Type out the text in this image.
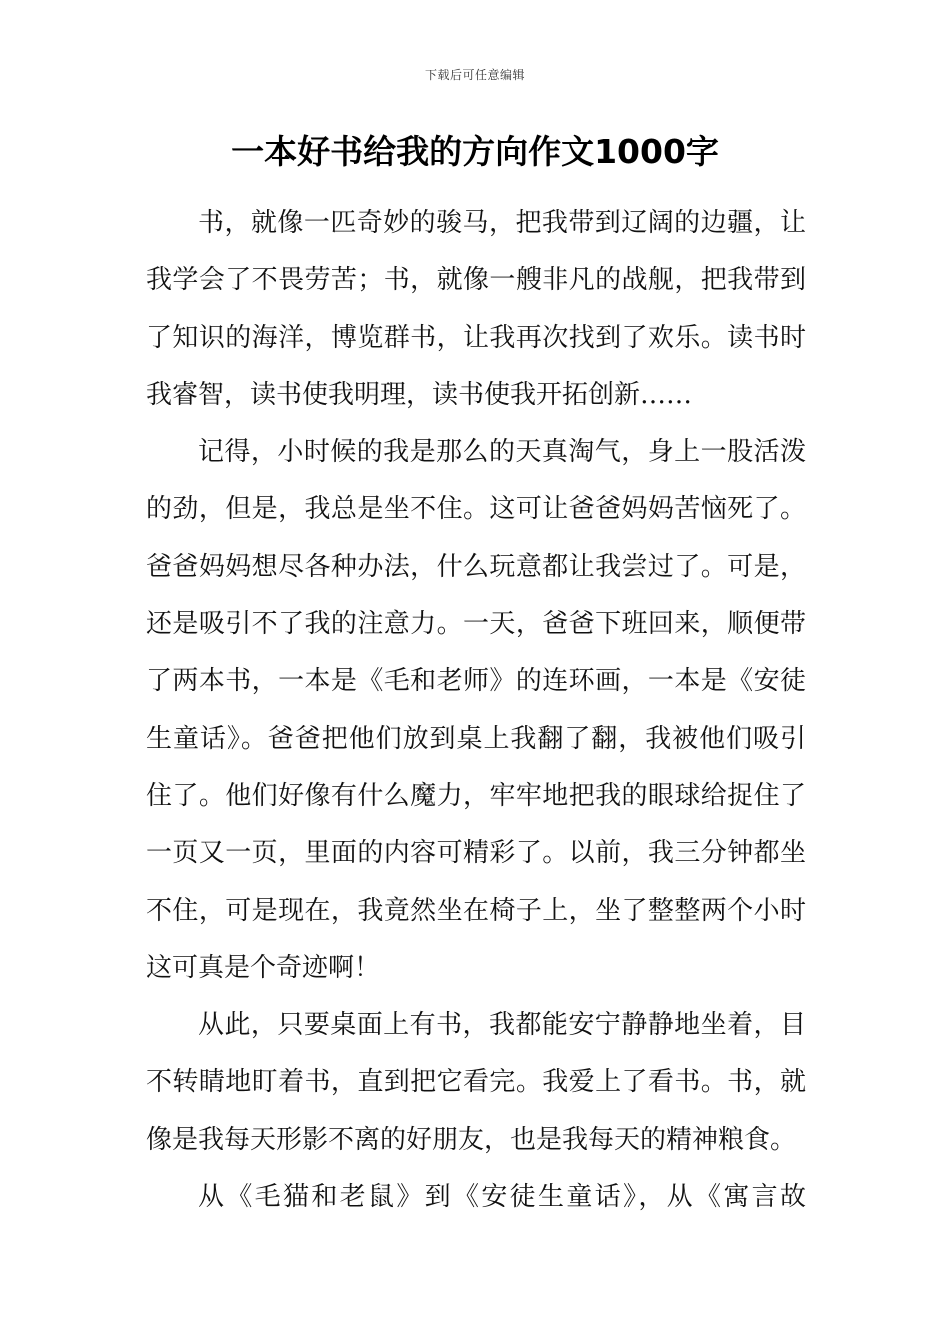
下载后可任意编辑
一本好书给我的方向作文1000字

书，就像一匹奇妙的骏马，把我带到辽阔的边疆，让我学会了不畏劳苦；书，就像一艘非凡的战舰，把我带到了知识的海洋，博览群书，让我再次找到了欢乐。读书时我睿智，读书使我明理，读书使我开拓创新……

记得，小时候的我是那么的天真淘气，身上一股活泼的劲，但是，我总是坐不住。这可让爸爸妈妈苦恼死了。爸爸妈妈想尽各种办法，什么玩意都让我尝过了。可是，还是吸引不了我的注意力。一天，爸爸下班回来，顺便带了两本书，一本是《毛和老师》的连环画，一本是《安徒生童话》。爸爸把他们放到桌上我翻了翻，我被他们吸引住了。他们好像有什么魔力，牢牢地把我的眼球给捉住了一页又一页，里面的内容可精彩了。以前，我三分钟都坐不住，可是现在，我竟然坐在椅子上，坐了整整两个小时这可真是个奇迹啊！

从此，只要桌面上有书，我都能安宁静静地坐着，目不转睛地盯着书，直到把它看完。我爱上了看书。书，就像是我每天形影不离的好朋友，也是我每天的精神粮食。

从《毛猫和老鼠》到《安徒生童话》，从《寓言故
